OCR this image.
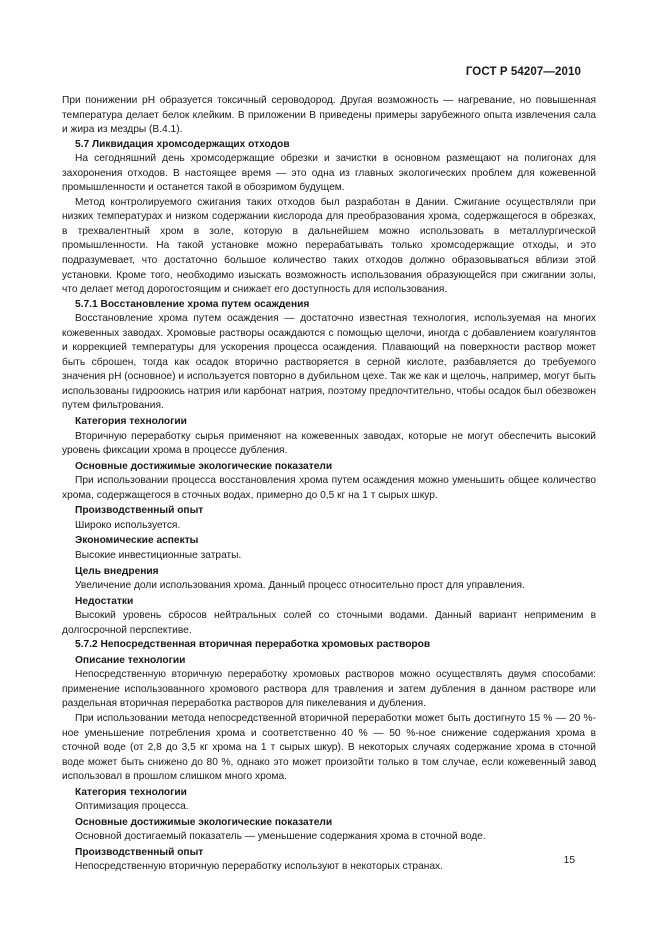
ГОСТ Р 54207—2010

При понижении pH образуется токсичный сероводород. Другая возможность — нагревание, но повышенная температура делает белок клейким. В приложении В приведены примеры зарубежного опыта извлечения сала и жира из мездры (В.4.1).

5.7 Ликвидация хромсодержащих отходов

На сегодняшний день хромсодержащие обрезки и зачистки в основном размещают на полигонах для захоронения отходов. В настоящее время — это одна из главных экологических проблем для кожевенной промышленности и останется такой в обозримом будущем.

Метод контролируемого сжигания таких отходов был разработан в Дании. Сжигание осуществляли при низких температурах и низком содержании кислорода для преобразования хрома, содержащегося в обрезках, в трехвалентный хром в золе, которую в дальнейшем можно использовать в металлургической промышленности. На такой установке можно перерабатывать только хромсодержащие отходы, и это подразумевает, что достаточно большое количество таких отходов должно образовываться вблизи этой установки. Кроме того, необходимо изыскать возможность использования образующейся при сжигании золы, что делает метод дорогостоящим и снижает его доступность для использования.

5.7.1 Восстановление хрома путем осаждения

Восстановление хрома путем осаждения — достаточно известная технология, используемая на многих кожевенных заводах. Хромовые растворы осаждаются с помощью щелочи, иногда с добавлением коагулянтов и коррекцией температуры для ускорения процесса осаждения. Плавающий на поверхности раствор может быть сброшен, тогда как осадок вторично растворяется в серной кислоте, разбавляется до требуемого значения pH (основное) и используется повторно в дубильном цехе. Так же как и щелочь, например, могут быть использованы гидроокись натрия или карбонат натрия, поэтому предпочтительно, чтобы осадок был обезвожен путем фильтрования.

Категория технологии

Вторичную переработку сырья применяют на кожевенных заводах, которые не могут обеспечить высокий уровень фиксации хрома в процессе дубления.

Основные достижимые экологические показатели

При использовании процесса восстановления хрома путем осаждения можно уменьшить общее количество хрома, содержащегося в сточных водах, примерно до 0,5 кг на 1 т сырых шкур.

Производственный опыт

Широко используется.

Экономические аспекты

Высокие инвестиционные затраты.

Цель внедрения

Увеличение доли использования хрома. Данный процесс относительно прост для управления.

Недостатки

Высокий уровень сбросов нейтральных солей со сточными водами. Данный вариант неприменим в долгосрочной перспективе.

5.7.2 Непосредственная вторичная переработка хромовых растворов

Описание технологии

Непосредственную вторичную переработку хромовых растворов можно осуществлять двумя способами: применение использованного хромового раствора для травления и затем дубления в данном растворе или раздельная вторичная переработка растворов для пикелевания и дубления.

При использовании метода непосредственной вторичной переработки может быть достигнуто 15 % — 20 %-ное уменьшение потребления хрома и соответственно 40 % — 50 %-ное снижение содержания хрома в сточной воде (от 2,8 до 3,5 кг хрома на 1 т сырых шкур). В некоторых случаях содержание хрома в сточной воде может быть снижено до 80 %, однако это может произойти только в том случае, если кожевенный завод использовал в прошлом слишком много хрома.

Категория технологии

Оптимизация процесса.

Основные достижимые экологические показатели

Основной достигаемый показатель — уменьшение содержания хрома в сточной воде.

Производственный опыт

Непосредственную вторичную переработку используют в некоторых странах.

15
